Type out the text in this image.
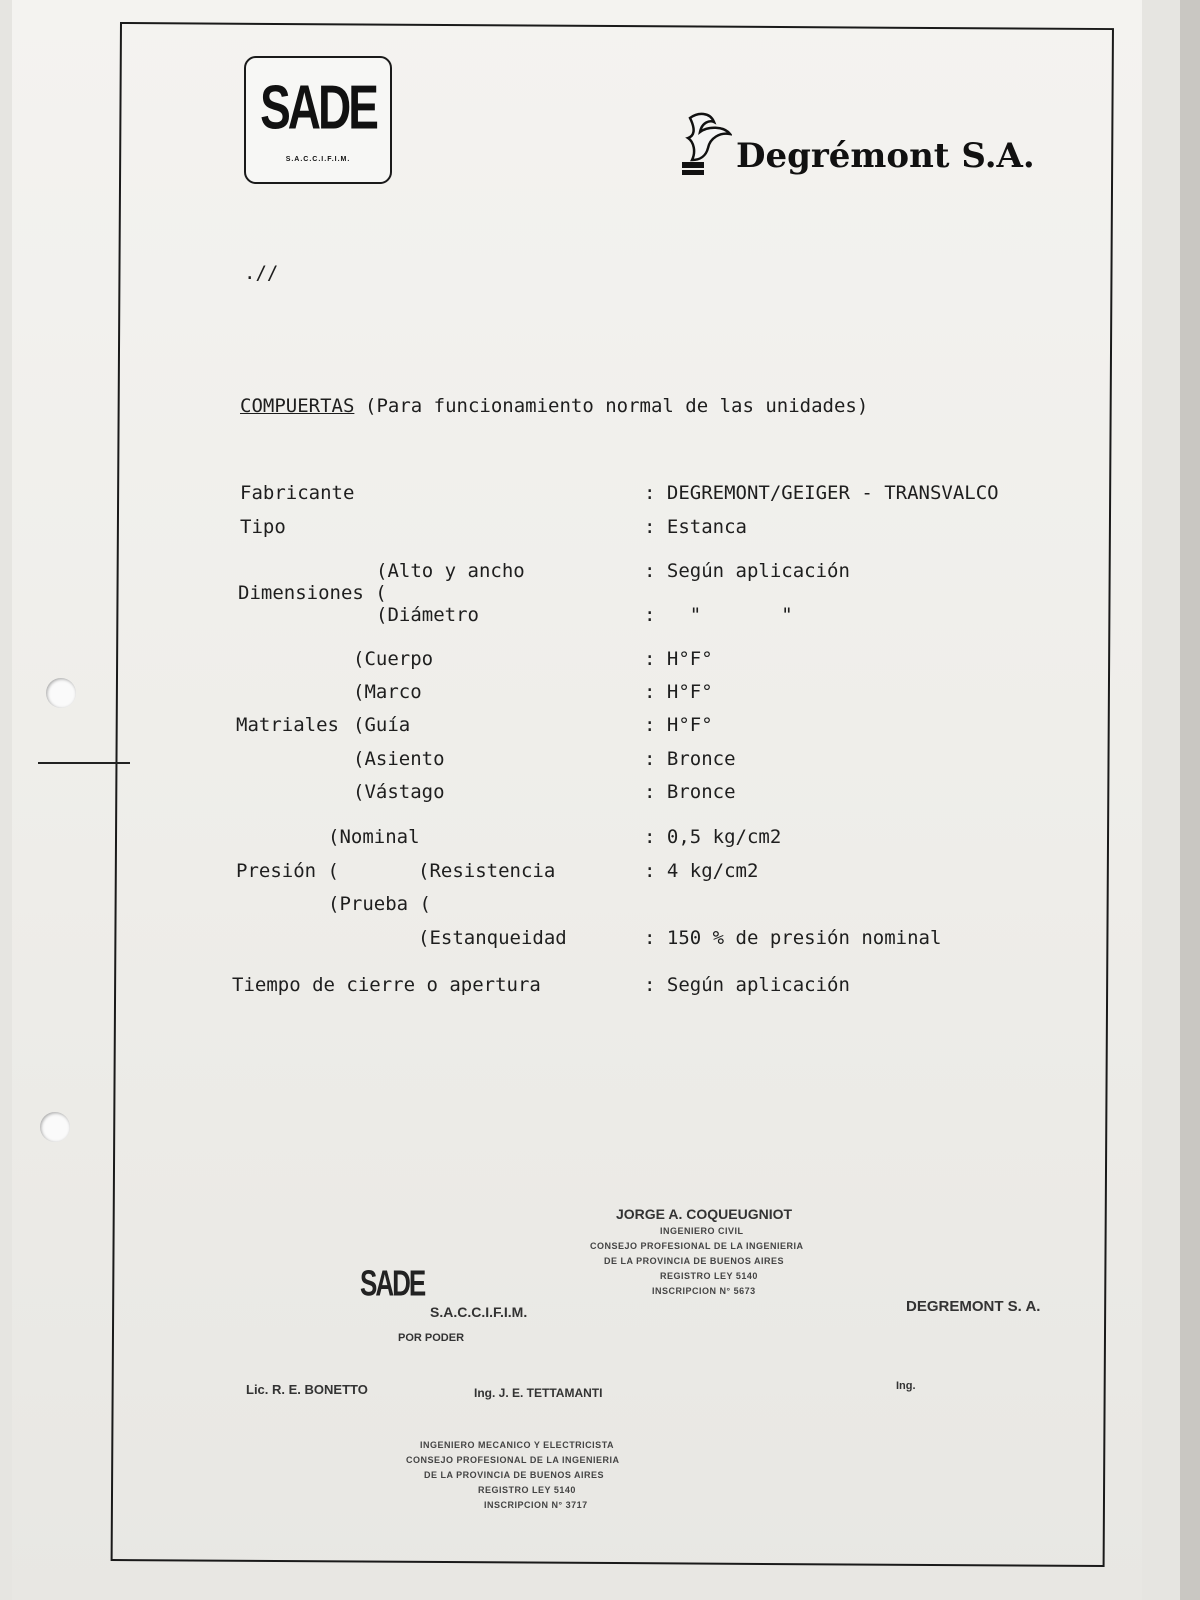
SADE
S.A.C.C.I.F.I.M.	Degrémont S.A.
.//
COMPUERTAS (Para funcionamiento normal de las unidades)
Fabricante	: DEGREMONT/GEIGER - TRANSVALCO
Tipo	: Estanca
(Alto y ancho	: Según aplicación
Dimensiones (
(Diámetro	:   "       "
(Cuerpo	: H°F°
(Marco	: H°F°
Matriales (Guía	: H°F°
(Asiento	: Bronce
(Vástago	: Bronce
(Nominal	: 0,5 kg/cm2
Presión (	(Resistencia	: 4 kg/cm2
(Prueba (
(Estanqueidad	: 150 % de presión nominal
Tiempo de cierre o apertura	: Según aplicación
JORGE A. COQUEUGNIOT
INGENIERO CIVIL
CONSEJO PROFESIONAL DE LA INGENIERIA
DE LA PROVINCIA DE BUENOS AIRES
REGISTRO LEY 5140
INSCRIPCION N° 5673
SADE
S.A.C.C.I.F.I.M.
POR PODER
DEGREMONT S. A.
Lic. R. E. BONETTO	Ing. J. E. TETTAMANTI	Ing.
INGENIERO MECANICO Y ELECTRICISTA
CONSEJO PROFESIONAL DE LA INGENIERIA
DE LA PROVINCIA DE BUENOS AIRES
REGISTRO LEY 5140
INSCRIPCION N° 3717
